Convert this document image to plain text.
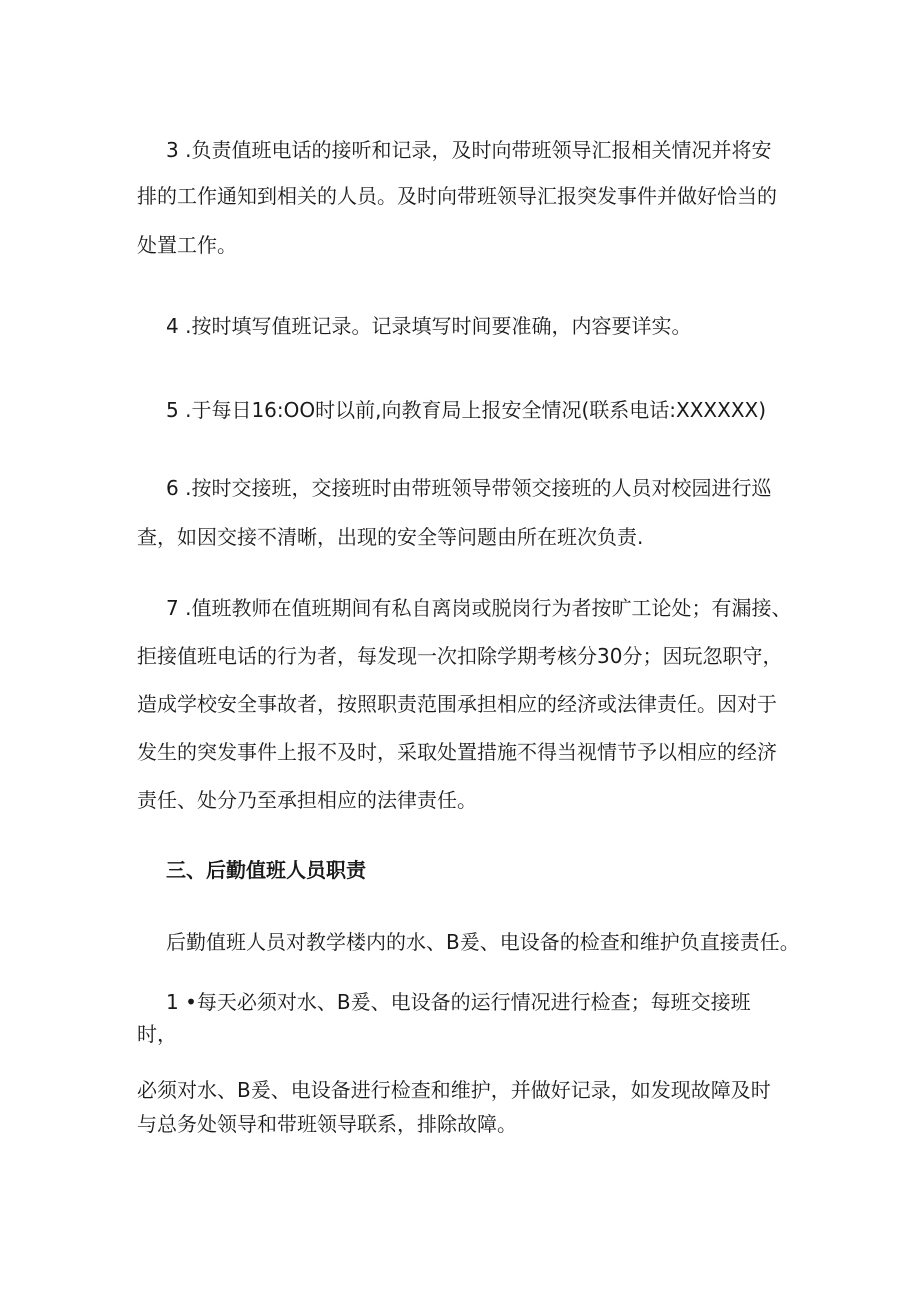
3 .负责值班电话的接听和记录，及时向带班领导汇报相关情况并将安

排的工作通知到相关的人员。及时向带班领导汇报突发事件并做好恰当的

处置工作。

4 .按时填写值班记录。记录填写时间要准确，内容要详实。

5 .于每日16:OO时以前,向教育局上报安全情况(联系电话:XXXXXX)

6 .按时交接班，交接班时由带班领导带领交接班的人员对校园进行巡

查，如因交接不清晰，出现的安全等问题由所在班次负责.

7 .值班教师在值班期间有私自离岗或脱岗行为者按旷工论处；有漏接、

拒接值班电话的行为者，每发现一次扣除学期考核分30分；因玩忽职守，

造成学校安全事故者，按照职责范围承担相应的经济或法律责任。因对于

发生的突发事件上报不及时，采取处置措施不得当视情节予以相应的经济

责任、处分乃至承担相应的法律责任。

三、后勤值班人员职责

后勤值班人员对教学楼内的水、B爰、电设备的检查和维护负直接责任。

1 •每天必须对水、B爰、电设备的运行情况进行检查；每班交接班

时，

必须对水、B爰、电设备进行检查和维护，并做好记录，如发现故障及时

与总务处领导和带班领导联系，排除故障。
